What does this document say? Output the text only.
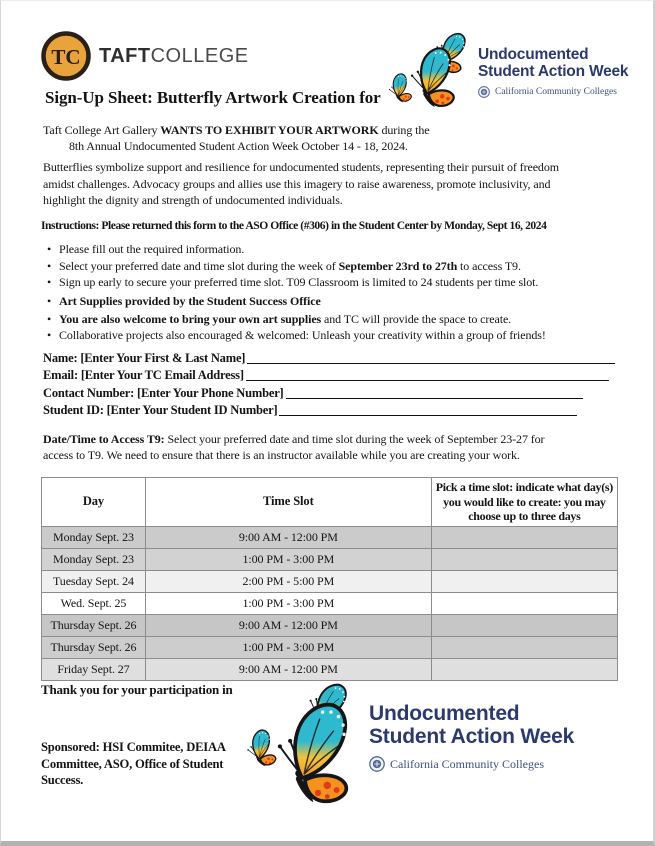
TC TAFTCOLLEGE	Undocumented
Student Action Week
California Community Colleges
Sign-Up Sheet: Butterfly Artwork Creation for
Taft College Art Gallery WANTS TO EXHIBIT YOUR ARTWORK during the
8th Annual Undocumented Student Action Week October 14 - 18, 2024.
Butterflies symbolize support and resilience for undocumented students, representing their pursuit of freedom
amidst challenges. Advocacy groups and allies use this imagery to raise awareness, promote inclusivity, and
highlight the dignity and strength of undocumented individuals.
Instructions: Please returned this form to the ASO Office (#306) in the Student Center by Monday, Sept 16, 2024
• Please fill out the required information.
• Select your preferred date and time slot during the week of September 23rd to 27th to access T9.
• Sign up early to secure your preferred time slot. T09 Classroom is limited to 24 students per time slot.
• Art Supplies provided by the Student Success Office
• You are also welcome to bring your own art supplies and TC will provide the space to create.
• Collaborative projects also encouraged & welcomed: Unleash your creativity within a group of friends!
Name: [Enter Your First & Last Name]
Email: [Enter Your TC Email Address]
Contact Number: [Enter Your Phone Number]
Student ID: [Enter Your Student ID Number]
Date/Time to Access T9: Select your preferred date and time slot during the week of September 23-27 for
access to T9. We need to ensure that there is an instructor available while you are creating your work.
Day	Time Slot	Pick a time slot: indicate what day(s) you would like to create: you may choose up to three days
Monday Sept. 23	9:00 AM - 12:00 PM	
Monday Sept. 23	1:00 PM - 3:00 PM	
Tuesday Sept. 24	2:00 PM - 5:00 PM	
Wed. Sept. 25	1:00 PM - 3:00 PM	
Thursday Sept. 26	9:00 AM - 12:00 PM	
Thursday Sept. 26	1:00 PM - 3:00 PM	
Friday Sept. 27	9:00 AM - 12:00 PM	
Thank you for your participation in
Sponsored: HSI Commitee, DEIAA Committee, ASO, Office of Student Success.
Undocumented
Student Action Week
California Community Colleges
